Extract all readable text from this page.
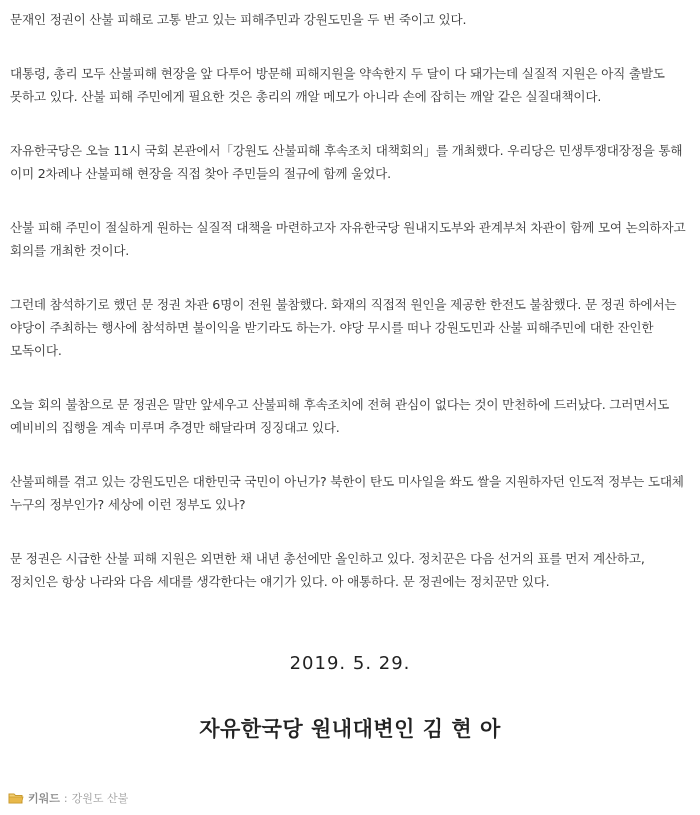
문재인 정권이 산불 피해로 고통 받고 있는 피해주민과 강원도민을 두 번 죽이고 있다.

대통령, 총리 모두 산불피해 현장을 앞 다투어 방문해 피해지원을 약속한지 두 달이 다 돼가는데 실질적 지원은 아직 출발도 못하고 있다. 산불 피해 주민에게 필요한 것은 총리의 깨알 메모가 아니라 손에 잡히는 깨알 같은 실질대책이다.

자유한국당은 오늘 11시 국회 본관에서「강원도 산불피해 후속조치 대책회의」를 개최했다. 우리당은 민생투쟁대장정을 통해 이미 2차례나 산불피해 현장을 직접 찾아 주민들의 절규에 함께 울었다.

산불 피해 주민이 절실하게 원하는 실질적 대책을 마련하고자 자유한국당 원내지도부와 관계부처 차관이 함께 모여 논의하자고 회의를 개최한 것이다.

그런데 참석하기로 했던 문 정권 차관 6명이 전원 불참했다. 화재의 직접적 원인을 제공한 한전도 불참했다. 문 정권 하에서는 야당이 주최하는 행사에 참석하면 불이익을 받기라도 하는가. 야당 무시를 떠나 강원도민과 산불 피해주민에 대한 잔인한 모독이다.

오늘 회의 불참으로 문 정권은 말만 앞세우고 산불피해 후속조치에 전혀 관심이 없다는 것이 만천하에 드러났다. 그러면서도 예비비의 집행을 계속 미루며 추경만 해달라며 징징대고 있다.

산불피해를 겪고 있는 강원도민은 대한민국 국민이 아닌가? 북한이 탄도 미사일을 쏴도 쌀을 지원하자던 인도적 정부는 도대체 누구의 정부인가? 세상에 이런 정부도 있나?

문 정권은 시급한 산불 피해 지원은 외면한 채 내년 총선에만 올인하고 있다. 정치꾼은 다음 선거의 표를 먼저 계산하고, 정치인은 항상 나라와 다음 세대를 생각한다는 얘기가 있다. 아 애통하다. 문 정권에는 정치꾼만 있다.

2019. 5. 29.
자유한국당 원내대변인 김 현 아
키워드 : 강원도 산불
